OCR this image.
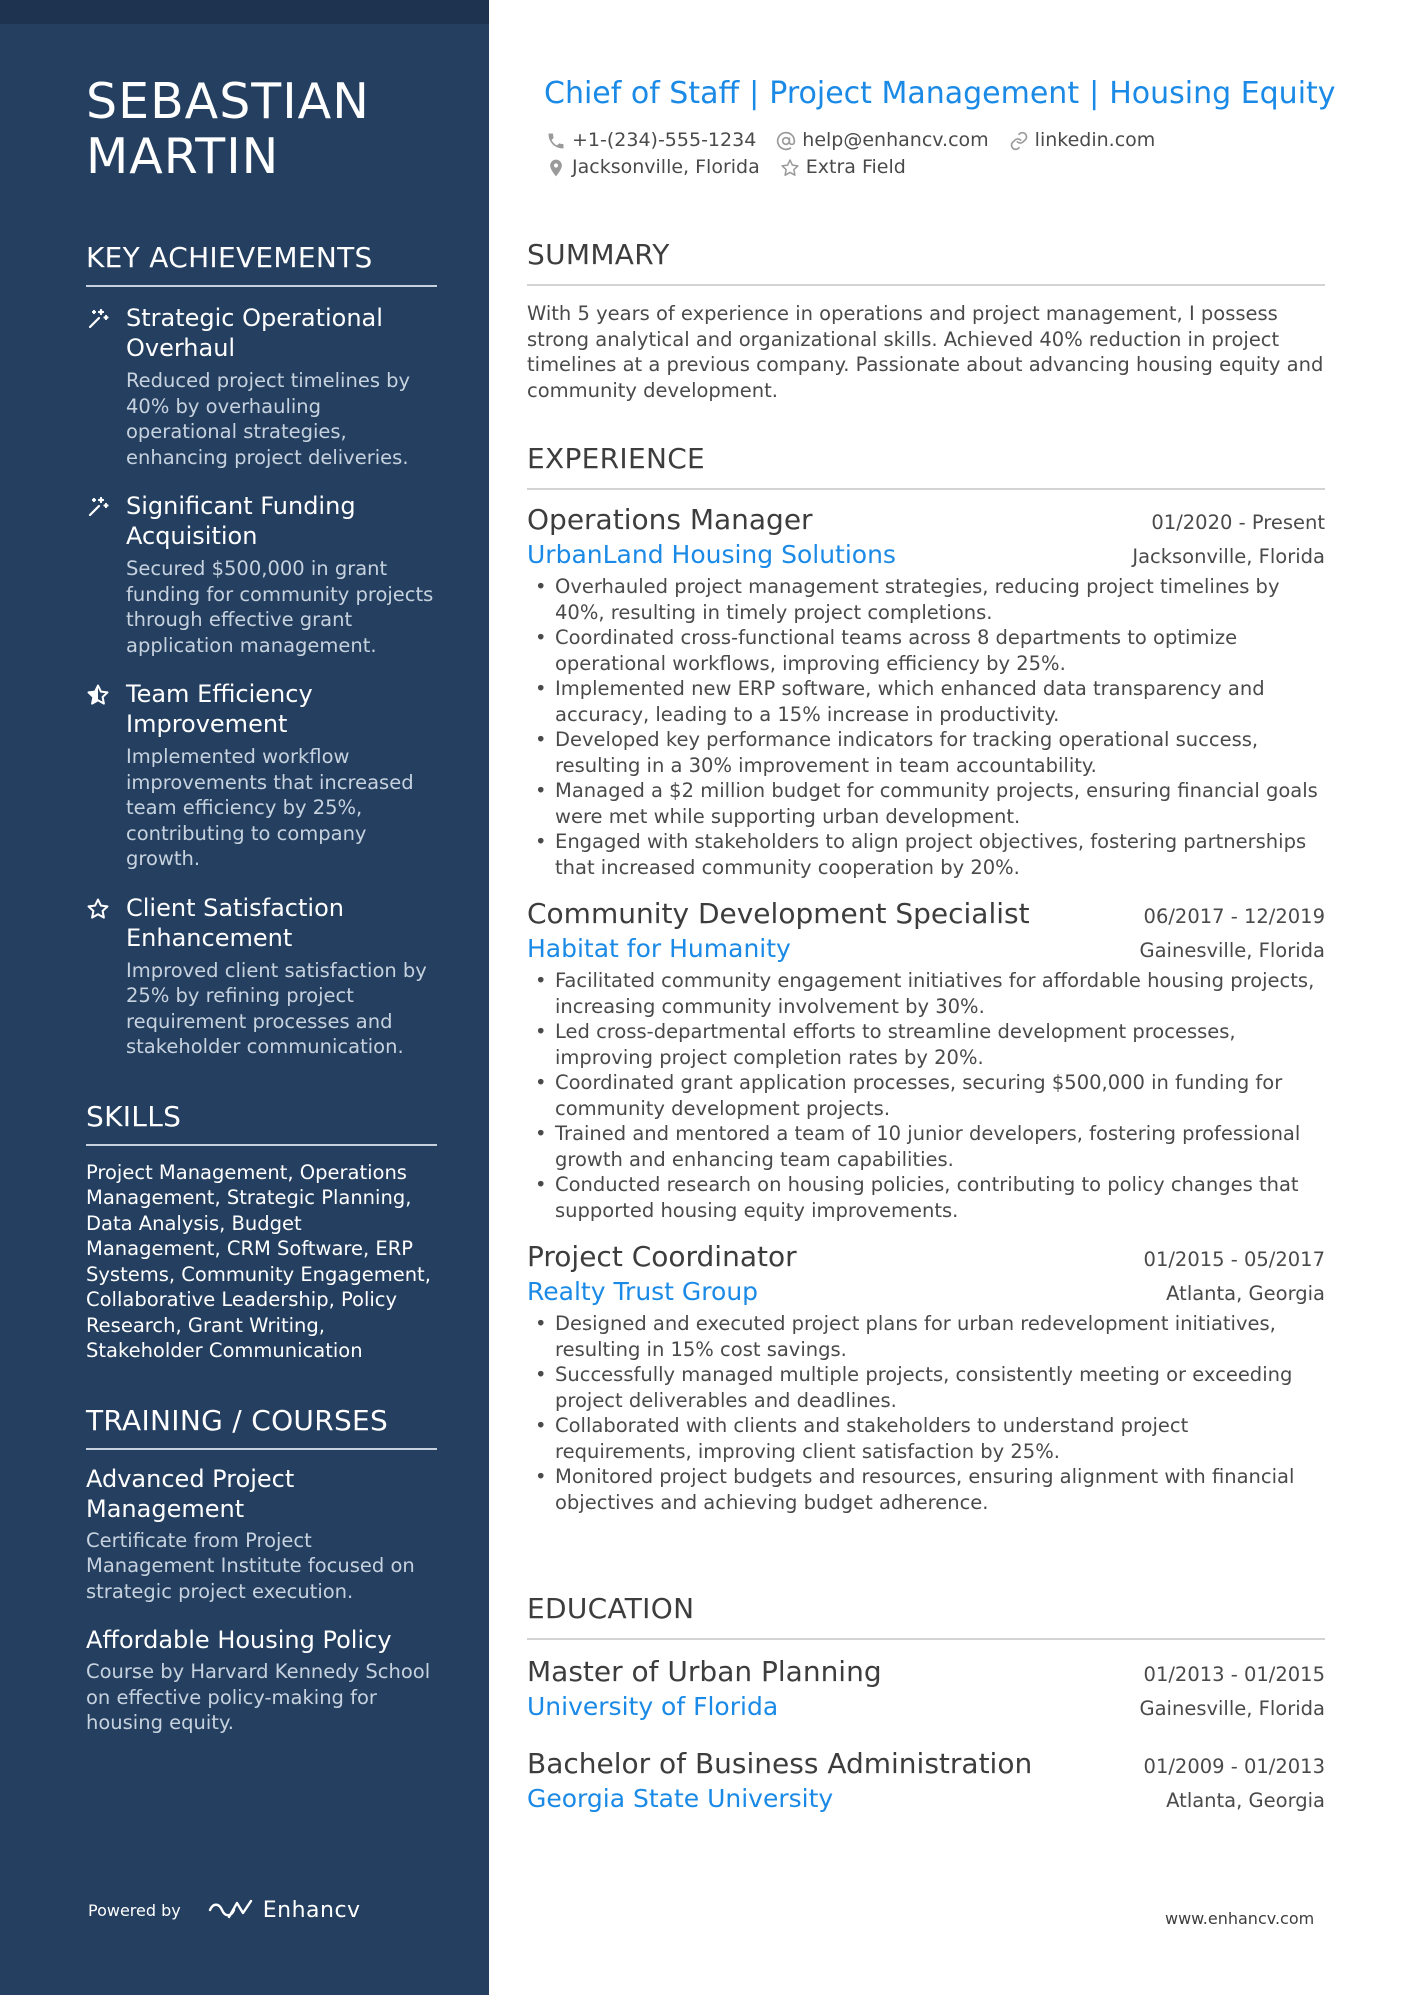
SEBASTIAN
MARTIN
KEY ACHIEVEMENTS
Strategic Operational Overhaul
Reduced project timelines by 40% by overhauling operational strategies, enhancing project deliveries.
Significant Funding Acquisition
Secured $500,000 in grant funding for community projects through effective grant application management.
Team Efficiency Improvement
Implemented workflow improvements that increased team efficiency by 25%, contributing to company growth.
Client Satisfaction Enhancement
Improved client satisfaction by 25% by refining project requirement processes and stakeholder communication.
SKILLS
Project Management, Operations Management, Strategic Planning, Data Analysis, Budget Management, CRM Software, ERP Systems, Community Engagement, Collaborative Leadership, Policy Research, Grant Writing, Stakeholder Communication
TRAINING / COURSES
Advanced Project Management
Certificate from Project Management Institute focused on strategic project execution.
Affordable Housing Policy
Course by Harvard Kennedy School on effective policy-making for housing equity.
Powered by	Enhancv
Chief of Staff | Project Management | Housing Equity
+1-(234)-555-1234 help@enhancv.com linkedin.com
Jacksonville, Florida Extra Field
SUMMARY
With 5 years of experience in operations and project management, I possess strong analytical and organizational skills. Achieved 40% reduction in project timelines at a previous company. Passionate about advancing housing equity and community development.
EXPERIENCE
Operations Manager	01/2020 - Present
UrbanLand Housing Solutions	Jacksonville, Florida
• Overhauled project management strategies, reducing project timelines by 40%, resulting in timely project completions.
• Coordinated cross-functional teams across 8 departments to optimize operational workflows, improving efficiency by 25%.
• Implemented new ERP software, which enhanced data transparency and accuracy, leading to a 15% increase in productivity.
• Developed key performance indicators for tracking operational success, resulting in a 30% improvement in team accountability.
• Managed a $2 million budget for community projects, ensuring financial goals were met while supporting urban development.
• Engaged with stakeholders to align project objectives, fostering partnerships that increased community cooperation by 20%.
Community Development Specialist	06/2017 - 12/2019
Habitat for Humanity	Gainesville, Florida
• Facilitated community engagement initiatives for affordable housing projects, increasing community involvement by 30%.
• Led cross-departmental efforts to streamline development processes, improving project completion rates by 20%.
• Coordinated grant application processes, securing $500,000 in funding for community development projects.
• Trained and mentored a team of 10 junior developers, fostering professional growth and enhancing team capabilities.
• Conducted research on housing policies, contributing to policy changes that supported housing equity improvements.
Project Coordinator	01/2015 - 05/2017
Realty Trust Group	Atlanta, Georgia
• Designed and executed project plans for urban redevelopment initiatives, resulting in 15% cost savings.
• Successfully managed multiple projects, consistently meeting or exceeding project deliverables and deadlines.
• Collaborated with clients and stakeholders to understand project requirements, improving client satisfaction by 25%.
• Monitored project budgets and resources, ensuring alignment with financial objectives and achieving budget adherence.
EDUCATION
Master of Urban Planning	01/2013 - 01/2015
University of Florida	Gainesville, Florida
Bachelor of Business Administration	01/2009 - 01/2013
Georgia State University	Atlanta, Georgia
www.enhancv.com
